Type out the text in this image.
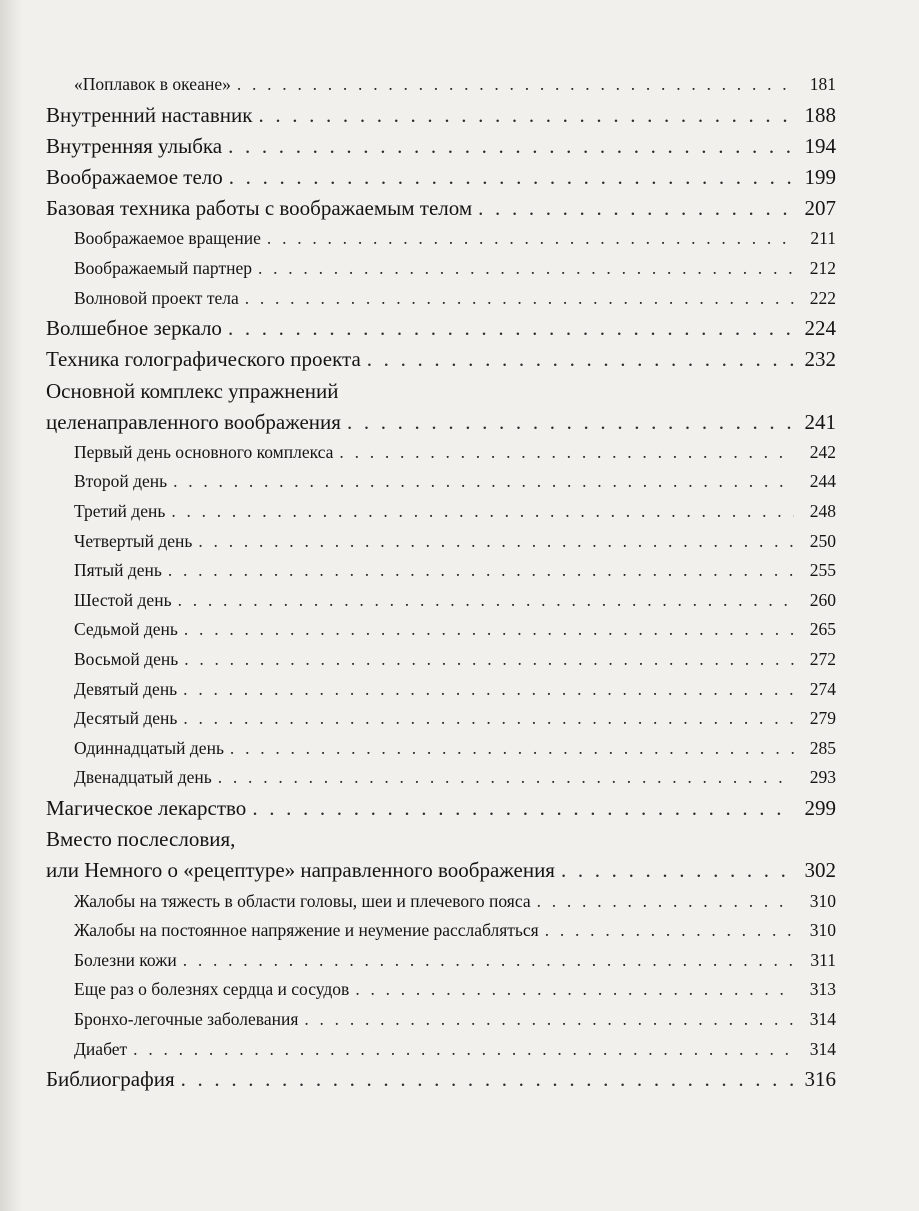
«Поплавок в океане» . . .	181
Внутренний наставник . . .	188
Внутренняя улыбка . . .	194
Воображаемое тело . . .	199
Базовая техника работы с воображаемым телом . . .	207
Воображаемое вращение . . .	211
Воображаемый партнер . . .	212
Волновой проект тела . . .	222
Волшебное зеркало . . .	224
Техника голографического проекта . . .	232
Основной комплекс упражнений
целенаправленного воображения . . .	241
Первый день основного комплекса . . .	242
Второй день . . .	244
Третий день . . .	248
Четвертый день . . .	250
Пятый день . . .	255
Шестой день . . .	260
Седьмой день . . .	265
Восьмой день . . .	272
Девятый день . . .	274
Десятый день . . .	279
Одиннадцатый день . . .	285
Двенадцатый день . . .	293
Магическое лекарство . . .	299
Вместо послесловия,
или Немного о «рецептуре» направленного воображения . . .	302
Жалобы на тяжесть в области головы, шеи и плечевого пояса . . .	310
Жалобы на постоянное напряжение и неумение расслабляться . . .	310
Болезни кожи . . .	311
Еще раз о болезнях сердца и сосудов . . .	313
Бронхо-легочные заболевания . . .	314
Диабет . . .	314
Библиография . . .	316
